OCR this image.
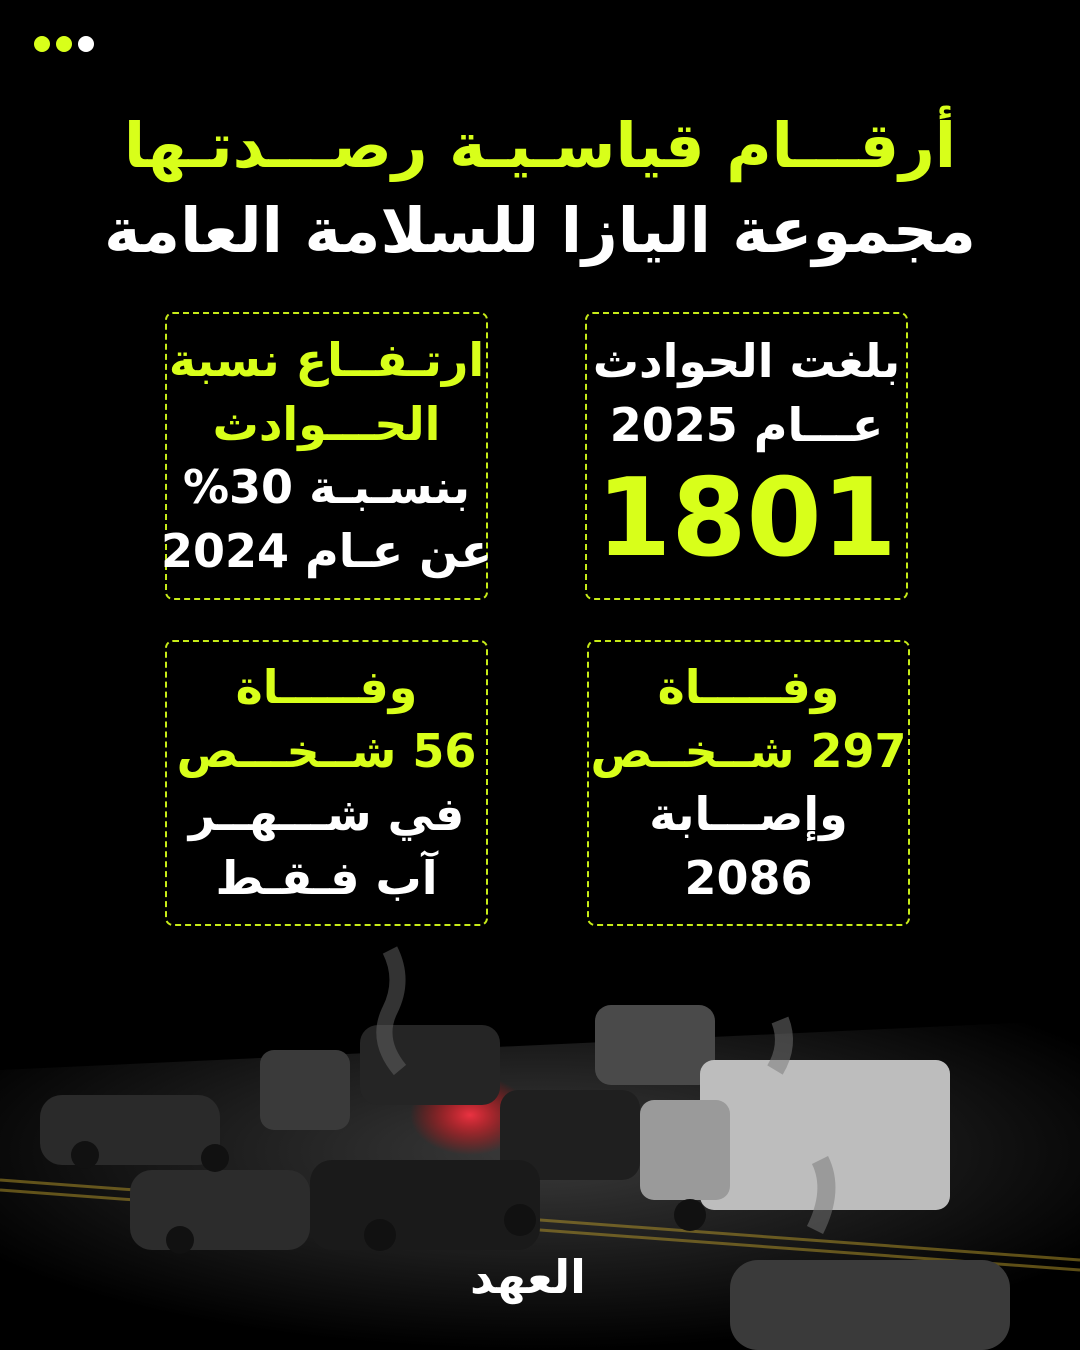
أرقـــام قياسـيـة رصـــدتـها
مجموعة اليازا للسلامة العامة
بلغت الحوادث
عـــام 2025
1801
ارتـفــاع نسبة
الحـــوادث
بنسـبـة 30%
عن عـام 2024
وفـــــاة
297 شــخــص
وإصـــابة
2086
وفـــــاة
56 شــخـــص
في شـــهــر
آب فـقـط
العهد
